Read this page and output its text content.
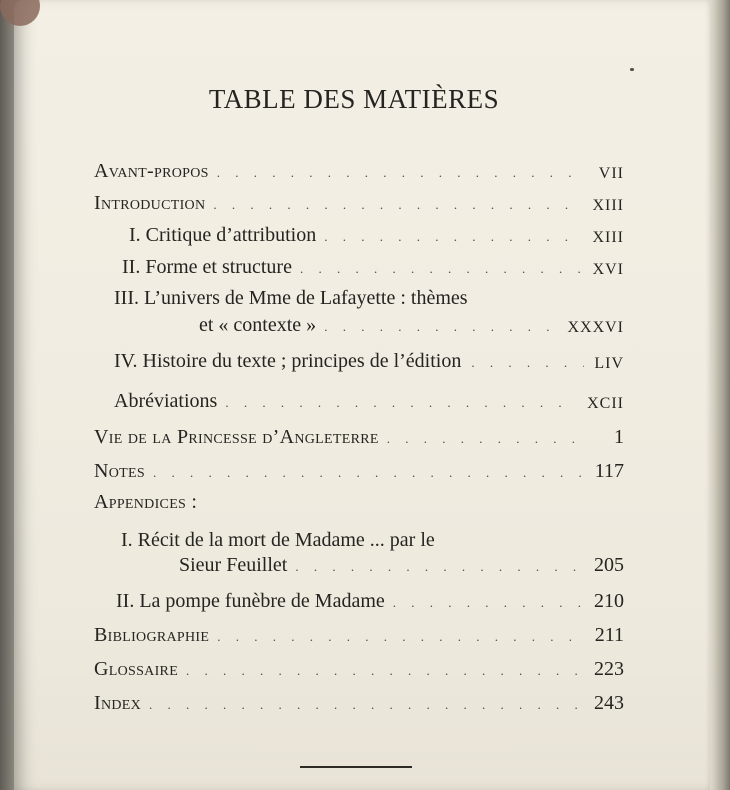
TABLE DES MATIÈRES
Avant-propos . . .	VII
Introduction . . .	XIII
I. Critique d’attribution . . .	XIII
II. Forme et structure . . .	XVI
III. L’univers de Mme de Lafayette : thèmes
et « contexte » . . .	XXXVI
IV. Histoire du texte ; principes de l’édition . . .	LIV
Abréviations . . .	XCII
Vie de la Princesse d’Angleterre . . .	1
Notes . . .	117
Appendices :
I. Récit de la mort de Madame ... par le
Sieur Feuillet . . .	205
II. La pompe funèbre de Madame . . .	210
Bibliographie . . .	211
Glossaire . . .	223
Index . . .	243
